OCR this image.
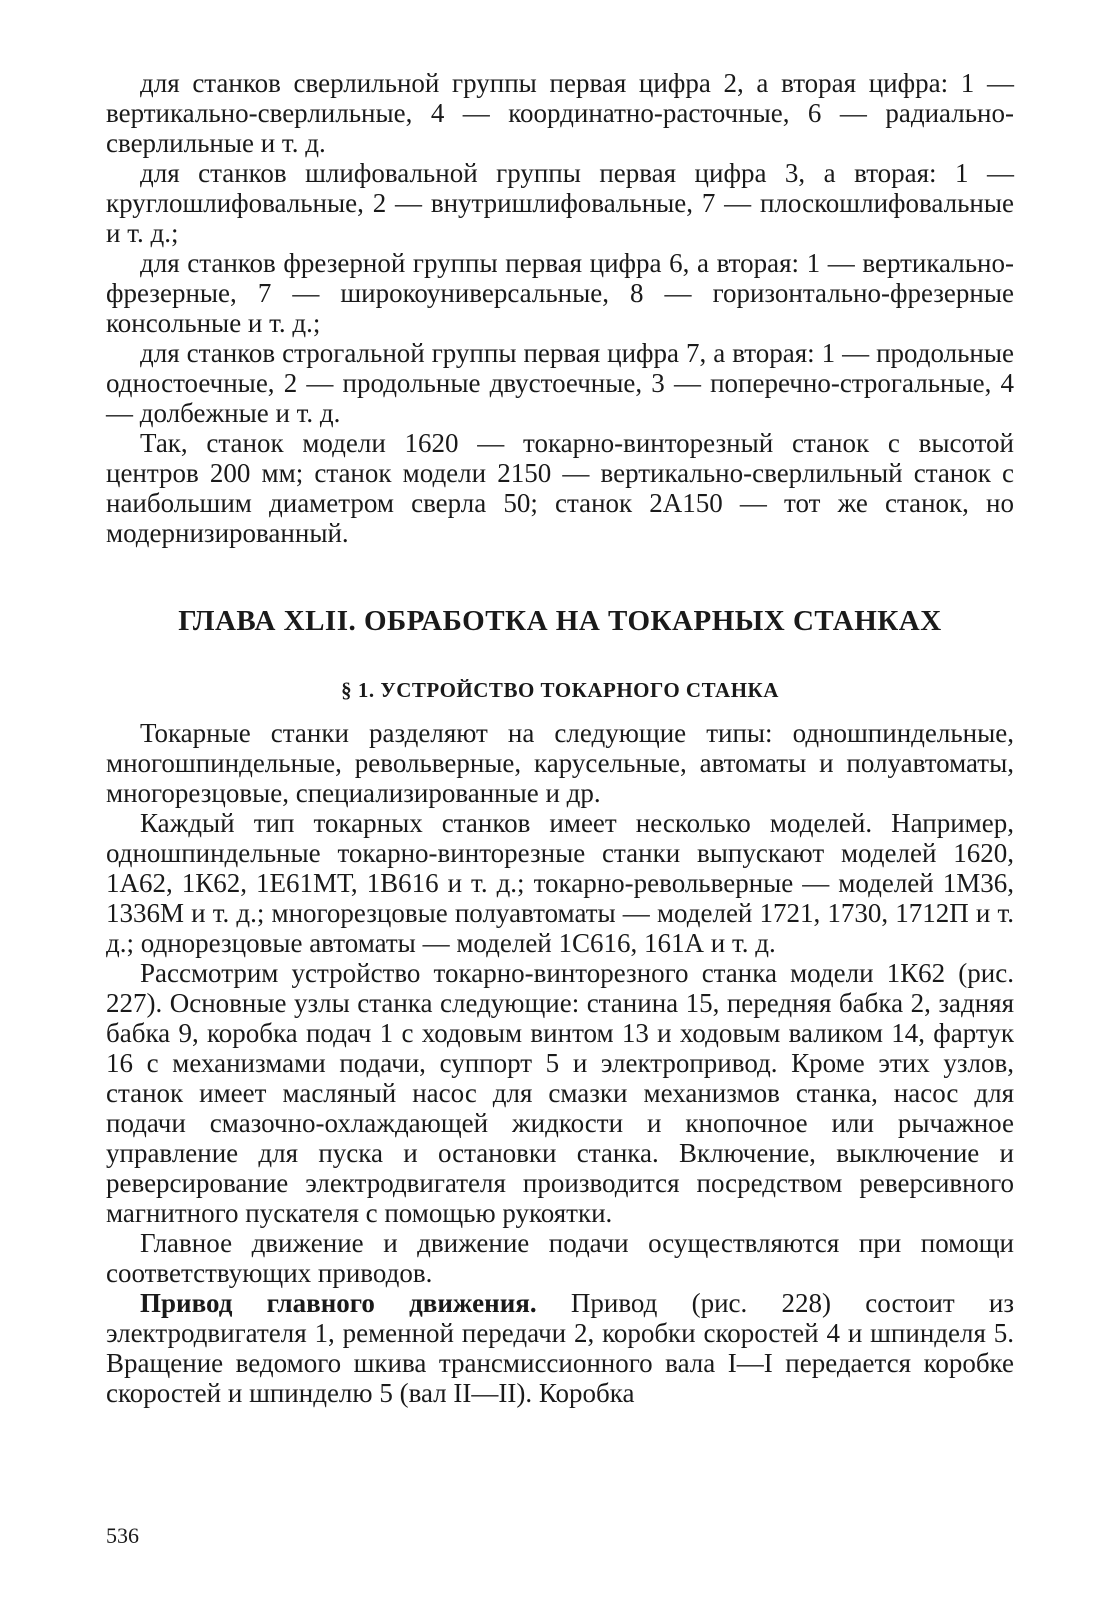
для станков сверлильной группы первая цифра 2, а вторая цифра: 1 — вертикально-сверлильные, 4 — координатно-расточные, 6 — радиально-сверлильные и т. д.

для станков шлифовальной группы первая цифра 3, а вторая: 1 — круглошлифовальные, 2 — внутришлифовальные, 7 — плоскошлифовальные и т. д.;

для станков фрезерной группы первая цифра 6, а вторая: 1 — вертикально-фрезерные, 7 — широкоуниверсальные, 8 — горизонтально-фрезерные консольные и т. д.;

для станков строгальной группы первая цифра 7, а вторая: 1 — продольные одностоечные, 2 — продольные двустоечные, 3 — поперечно-строгальные, 4 — долбежные и т. д.

Так, станок модели 1620 — токарно-винторезный станок с высотой центров 200 мм; станок модели 2150 — вертикально-сверлильный станок с наибольшим диаметром сверла 50; станок 2А150 — тот же станок, но модернизированный.

ГЛАВА XLII. ОБРАБОТКА НА ТОКАРНЫХ СТАНКАХ
§ 1. УСТРОЙСТВО ТОКАРНОГО СТАНКА

Токарные станки разделяют на следующие типы: одношпиндельные, многошпиндельные, револьверные, карусельные, автоматы и полуавтоматы, многорезцовые, специализированные и др.

Каждый тип токарных станков имеет несколько моделей. Например, одношпиндельные токарно-винторезные станки выпускают моделей 1620, 1А62, 1К62, 1Е61МТ, 1В616 и т. д.; токарно-револьверные — моделей 1М36, 1336М и т. д.; многорезцовые полуавтоматы — моделей 1721, 1730, 1712П и т. д.; однорезцовые автоматы — моделей 1С616, 161А и т. д.

Рассмотрим устройство токарно-винторезного станка модели 1К62 (рис. 227). Основные узлы станка следующие: станина 15, передняя бабка 2, задняя бабка 9, коробка подач 1 с ходовым винтом 13 и ходовым валиком 14, фартук 16 с механизмами подачи, суппорт 5 и электропривод. Кроме этих узлов, станок имеет масляный насос для смазки механизмов станка, насос для подачи смазочно-охлаждающей жидкости и кнопочное или рычажное управление для пуска и остановки станка. Включение, выключение и реверсирование электродвигателя производится посредством реверсивного магнитного пускателя с помощью рукоятки.

Главное движение и движение подачи осуществляются при помощи соответствующих приводов.

Привод главного движения. Привод (рис. 228) состоит из электродвигателя 1, ременной передачи 2, коробки скоростей 4 и шпинделя 5. Вращение ведомого шкива трансмиссионного вала I—I передается коробке скоростей и шпинделю 5 (вал II—II). Коробка

536
